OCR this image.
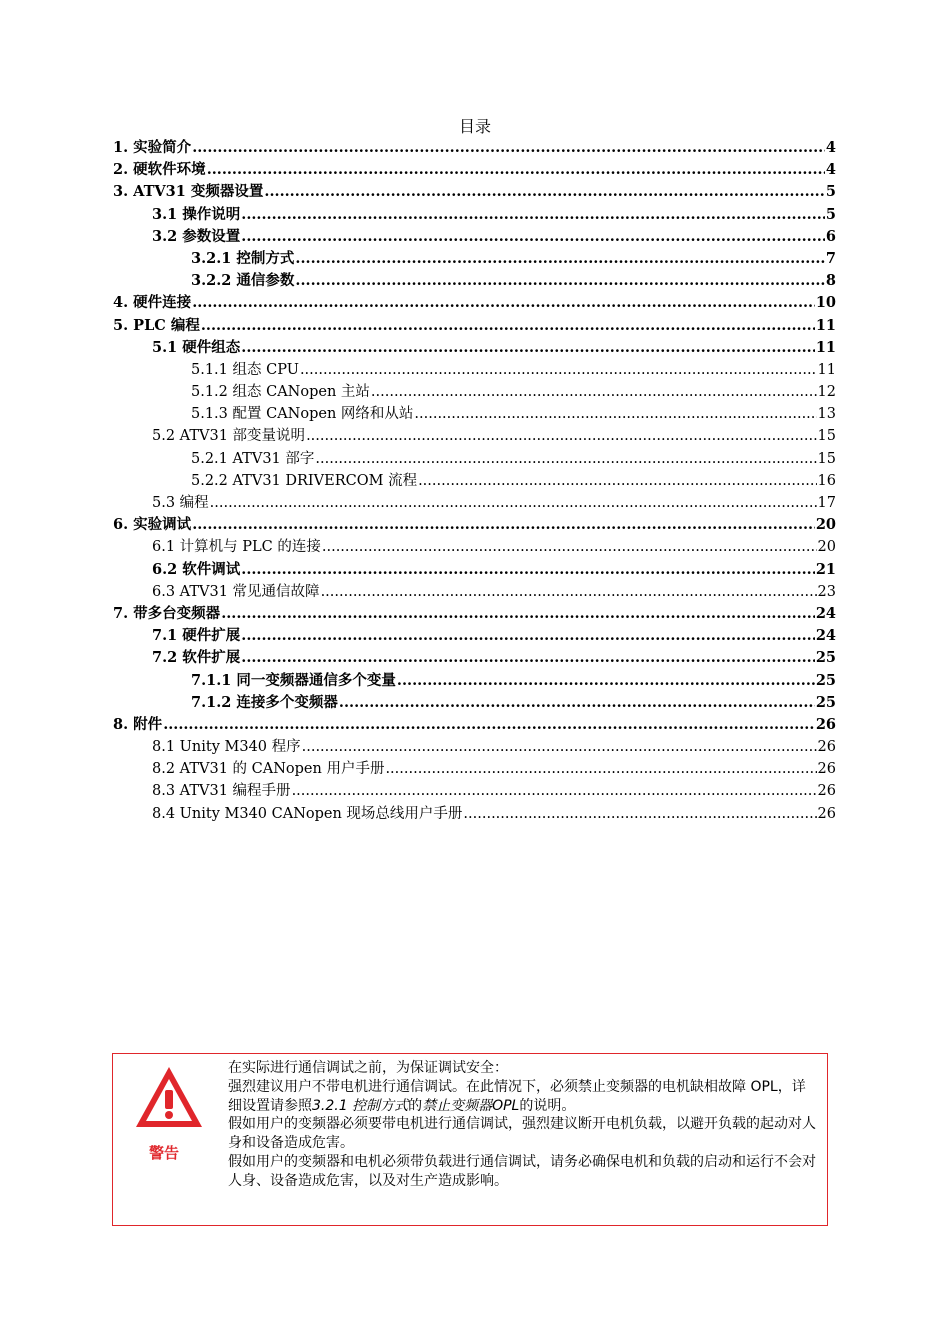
目录
1. 实验简介 .....	4
2. 硬软件环境 .....	4
3. ATV31 变频器设置 .....	5
3.1 操作说明 .....	5
3.2 参数设置 .....	6
3.2.1 控制方式 .....	7
3.2.2 通信参数 .....	8
4. 硬件连接 .....	10
5. PLC 编程 .....	11
5.1 硬件组态 .....	11
5.1.1 组态 CPU .....	11
5.1.2 组态 CANopen 主站 .....	12
5.1.3 配置 CANopen 网络和从站 .....	13
5.2 ATV31 部变量说明 .....	15
5.2.1 ATV31 部字 .....	15
5.2.2 ATV31 DRIVERCOM 流程 .....	16
5.3 编程 .....	17
6. 实验调试 .....	20
6.1 计算机与 PLC 的连接 .....	20
6.2 软件调试 .....	21
6.3 ATV31 常见通信故障 .....	23
7. 带多台变频器 .....	24
7.1 硬件扩展 .....	24
7.2 软件扩展 .....	25
7.1.1 同一变频器通信多个变量 .....	25
7.1.2 连接多个变频器 .....	25
8. 附件 .....	26
8.1 Unity M340 程序 .....	26
8.2 ATV31 的 CANopen 用户手册 .....	26
8.3 ATV31 编程手册 .....	26
8.4 Unity M340 CANopen 现场总线用户手册 .....	26
警告

在实际进行通信调试之前，为保证调试安全：

强烈建议用户不带电机进行通信调试。在此情况下，必须禁止变频器的电机缺相故障 OPL，详细设置请参照3.2.1 控制方式的禁止变频器OPL的说明。

假如用户的变频器必须要带电机进行通信调试，强烈建议断开电机负载，以避开负载的起动对人身和设备造成危害。

假如用户的变频器和电机必须带负载进行通信调试，请务必确保电机和负载的启动和运行不会对人身、设备造成危害，以及对生产造成影响。
